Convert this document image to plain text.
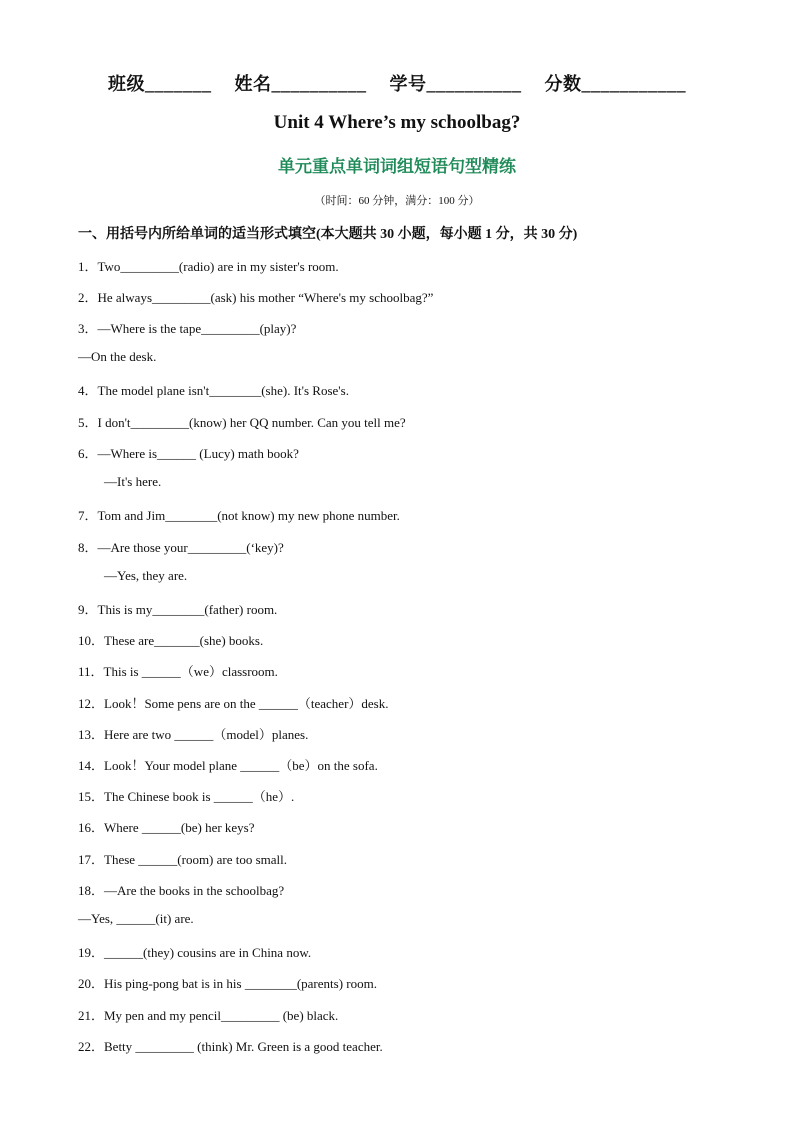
班级_______ 姓名__________ 学号__________ 分数___________
Unit 4 Where’s my schoolbag?
单元重点单词词组短语句型精练
（时间：60 分钟，满分：100 分）
一、用括号内所给单词的适当形式填空(本大题共 30 小题，每小题 1 分，共 30 分)
1．Two_________(radio) are in my sister's room.
2．He always_________(ask) his mother “Where's my schoolbag?”
3．—Where is the tape_________(play)?
—On the desk.
4．The model plane isn't________(she). It's Rose's.
5．I don't_________(know) her QQ number. Can you tell me?
6．—Where is______ (Lucy) math book?
—It's here.
7．Tom and Jim________(not know) my new phone number.
8．—Are those your_________(‘key)?
—Yes, they are.
9．This is my________(father) room.
10．These are_______(she) books.
11．This is ______（we）classroom.
12．Look！Some pens are on the ______（teacher）desk.
13．Here are two ______（model）planes.
14．Look！Your model plane ______（be）on the sofa.
15．The Chinese book is ______（he）.
16．Where ______(be) her keys?
17．These ______(room) are too small.
18．—Are the books in the schoolbag?
—Yes, ______(it) are.
19．______(they) cousins are in China now.
20．His ping-pong bat is in his ________(parents) room.
21．My pen and my pencil_________ (be) black.
22．Betty _________ (think) Mr. Green is a good teacher.
